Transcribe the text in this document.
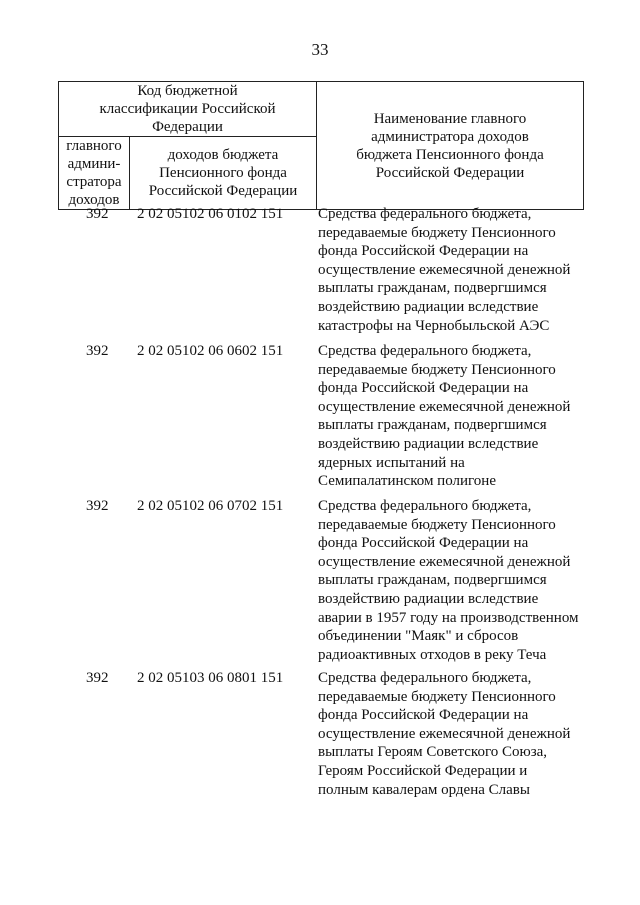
33
Код бюджетной классификации Российской Федерации		Наименование главного администратора доходов бюджета Пенсионного фонда Российской Федерации

главного админи-стратора доходов	доходов бюджета Пенсионного фонда Российской Федерации	
392 2 02 05102 06 0102 151	Средства федерального бюджета,
передаваемые бюджету Пенсионного
фонда Российской Федерации на
осуществление ежемесячной денежной
выплаты гражданам, подвергшимся
воздействию радиации вследствие
катастрофы на Чернобыльской АЭС
392 2 02 05102 06 0602 151	Средства федерального бюджета,
передаваемые бюджету Пенсионного
фонда Российской Федерации на
осуществление ежемесячной денежной
выплаты гражданам, подвергшимся
воздействию радиации вследствие
ядерных испытаний на
Семипалатинском полигоне
392 2 02 05102 06 0702 151	Средства федерального бюджета,
передаваемые бюджету Пенсионного
фонда Российской Федерации на
осуществление ежемесячной денежной
выплаты гражданам, подвергшимся
воздействию радиации вследствие
аварии в 1957 году на производственном
объединении "Маяк" и сбросов
радиоактивных отходов в реку Теча
392 2 02 05103 06 0801 151	Средства федерального бюджета,
передаваемые бюджету Пенсионного
фонда Российской Федерации на
осуществление ежемесячной денежной
выплаты Героям Советского Союза,
Героям Российской Федерации и
полным кавалерам ордена Славы
